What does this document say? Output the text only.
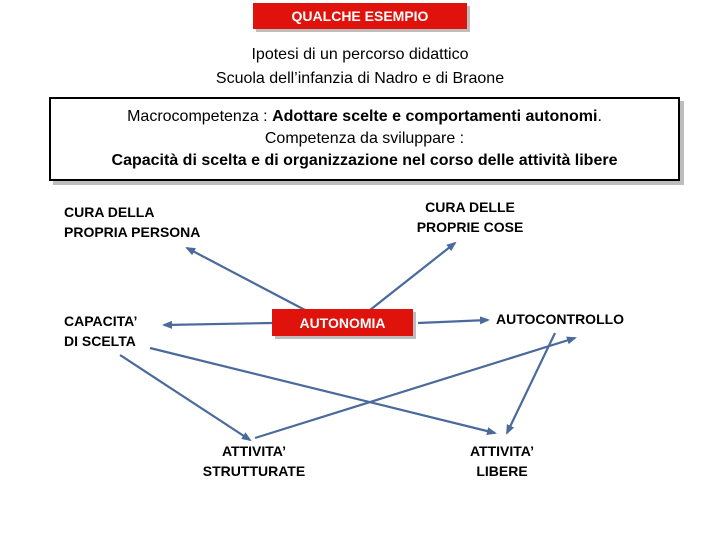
QUALCHE ESEMPIO
Ipotesi di un percorso didattico
Scuola dell’infanzia di Nadro e di Braone
Macrocompetenza : Adottare scelte e comportamenti autonomi.
Competenza da sviluppare :
Capacità di scelta e di organizzazione nel corso delle attività libere
CURA DELLA
PROPRIA PERSONA
CURA DELLE
PROPRIE COSE
CAPACITA’
DI SCELTA
AUTONOMIA	AUTOCONTROLLO
ATTIVITA’
STRUTTURATE
ATTIVITA’
LIBERE
